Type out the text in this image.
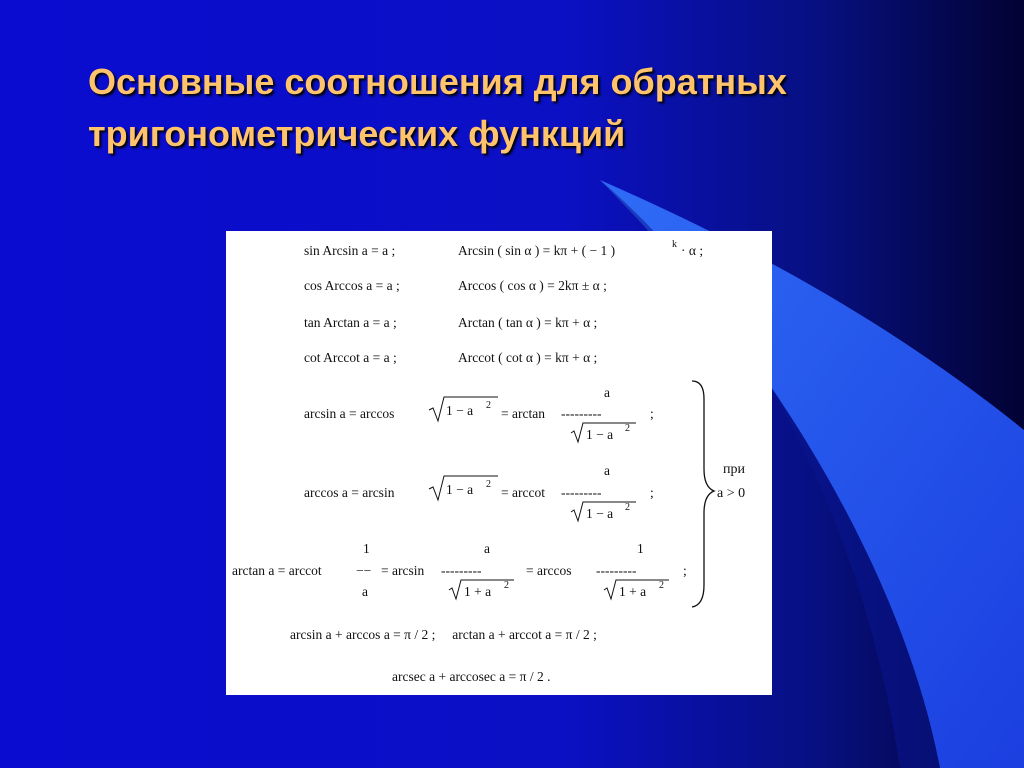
Основные соотношения для обратных
тригонометрических функций
sin Arcsin a = a ;	Arcsin ( sin α ) = kπ + ( − 1 )	k · α ;
cos Arccos a = a ;	Arccos ( cos α ) = 2kπ ± α ;
tan Arctan a = a ;	Arctan ( tan α ) = kπ + α ;
cot Arccot a = a ;	Arccot ( cot α ) = kπ + α ;
arcsin a = arccos	1 − a 2
= arctan
a
---------
1 − a 2
;
arccos a = arcsin	1 − a 2
= arccot
a
---------
1 − a 2
;
arctan a = arccot
1
−−
a
= arcsin
a
---------
1 + a 2
= arccos
1
---------
1 + a 2
;
при
a > 0
arcsin a + arccos a = π / 2 ;     arctan a + arccot a = π / 2 ;
arcsec a + arccosec a = π / 2 .
